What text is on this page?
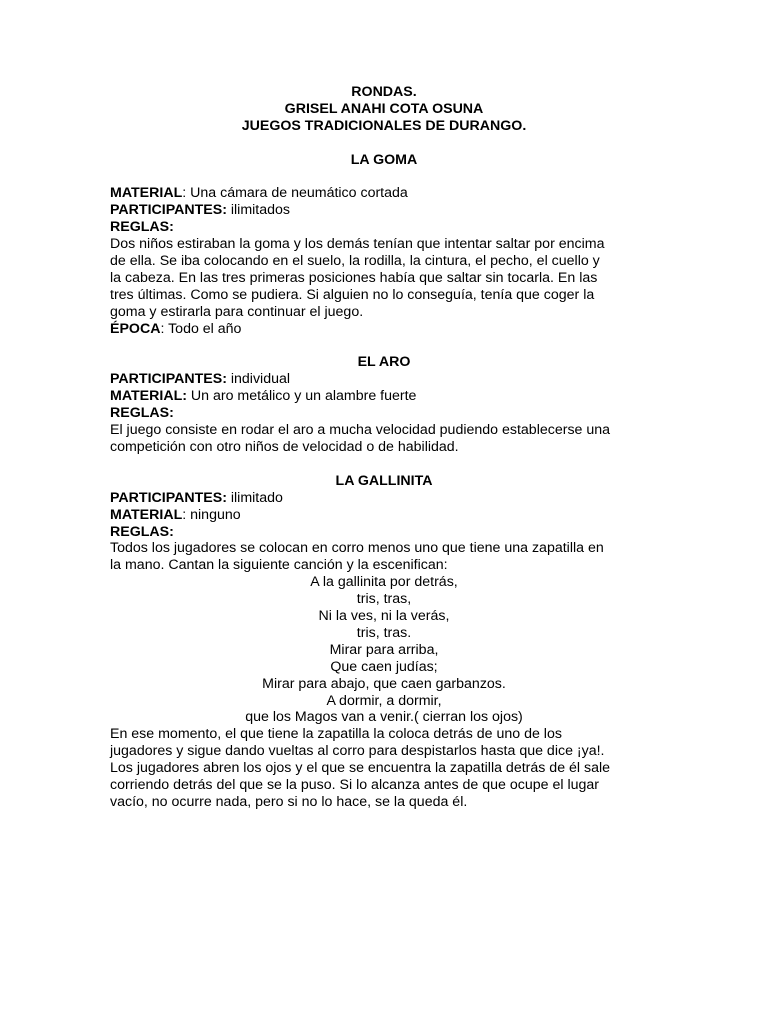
RONDAS.
GRISEL ANAHI COTA OSUNA
JUEGOS TRADICIONALES DE DURANGO.
LA GOMA
MATERIAL: Una cámara de neumático cortada
PARTICIPANTES: ilimitados
REGLAS:
Dos niños estiraban la goma y los demás tenían que intentar saltar por encima
de ella. Se iba colocando en el suelo, la rodilla, la cintura, el pecho, el cuello y
la cabeza. En las tres primeras posiciones había que saltar sin tocarla. En las
tres últimas. Como se pudiera. Si alguien no lo conseguía, tenía que coger la
goma y estirarla para continuar el juego.
ÉPOCA: Todo el año
EL ARO
PARTICIPANTES: individual
MATERIAL: Un aro metálico y un alambre fuerte
REGLAS:
El juego consiste en rodar el aro a mucha velocidad pudiendo establecerse una
competición con otro niños de velocidad o de habilidad.
LA GALLINITA
PARTICIPANTES: ilimitado
MATERIAL: ninguno
REGLAS:
Todos los jugadores se colocan en corro menos uno que tiene una zapatilla en
la mano. Cantan la siguiente canción y la escenifican:
A la gallinita por detrás,
tris, tras,
Ni la ves, ni la verás,
tris, tras.
Mirar para arriba,
Que caen judías;
Mirar para abajo, que caen garbanzos.
A dormir, a dormir,
que los Magos van a venir.( cierran los ojos)
En ese momento, el que tiene la zapatilla la coloca detrás de uno de los
jugadores y sigue dando vueltas al corro para despistarlos hasta que dice ¡ya!.
Los jugadores abren los ojos y el que se encuentra la zapatilla detrás de él sale
corriendo detrás del que se la puso. Si lo alcanza antes de que ocupe el lugar
vacío, no ocurre nada, pero si no lo hace, se la queda él.
